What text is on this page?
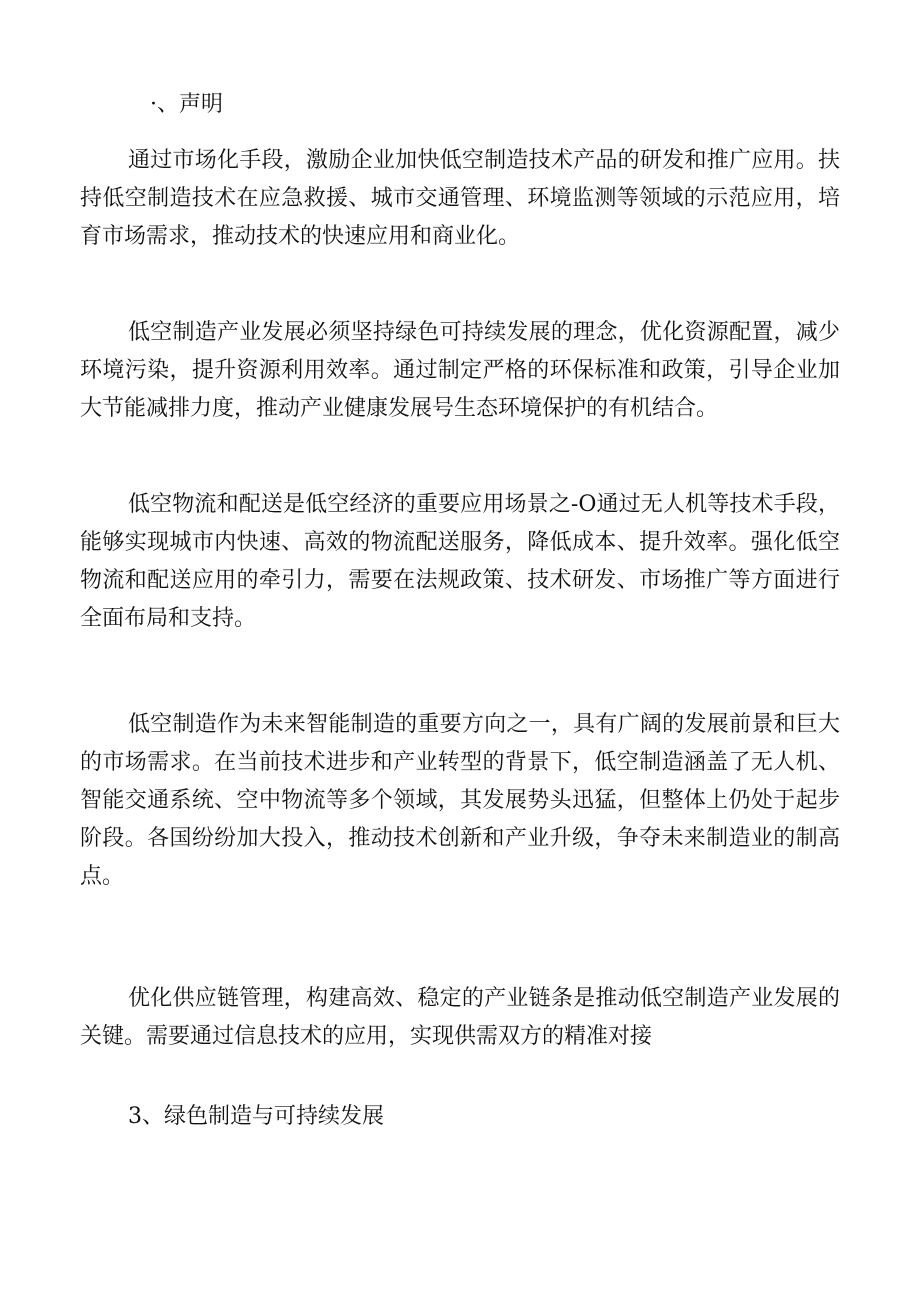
·、声明

通过市场化手段，激励企业加快低空制造技术产品的研发和推广应用。扶持低空制造技术在应急救援、城市交通管理、环境监测等领域的示范应用，培育市场需求，推动技术的快速应用和商业化。

低空制造产业发展必须坚持绿色可持续发展的理念，优化资源配置，减少环境污染，提升资源利用效率。通过制定严格的环保标准和政策，引导企业加大节能减排力度，推动产业健康发展号生态环境保护的有机结合。

低空物流和配送是低空经济的重要应用场景之-O通过无人机等技术手段，能够实现城市内快速、高效的物流配送服务，降低成本、提升效率。强化低空物流和配送应用的牵引力，需要在法规政策、技术研发、市场推广等方面进行全面布局和支持。

低空制造作为未来智能制造的重要方向之一，具有广阔的发展前景和巨大的市场需求。在当前技术进步和产业转型的背景下，低空制造涵盖了无人机、智能交通系统、空中物流等多个领域，其发展势头迅猛，但整体上仍处于起步阶段。各国纷纷加大投入，推动技术创新和产业升级，争夺未来制造业的制高点。

优化供应链管理，构建高效、稳定的产业链条是推动低空制造产业发展的关键。需要通过信息技术的应用，实现供需双方的精准对接

3、绿色制造与可持续发展
